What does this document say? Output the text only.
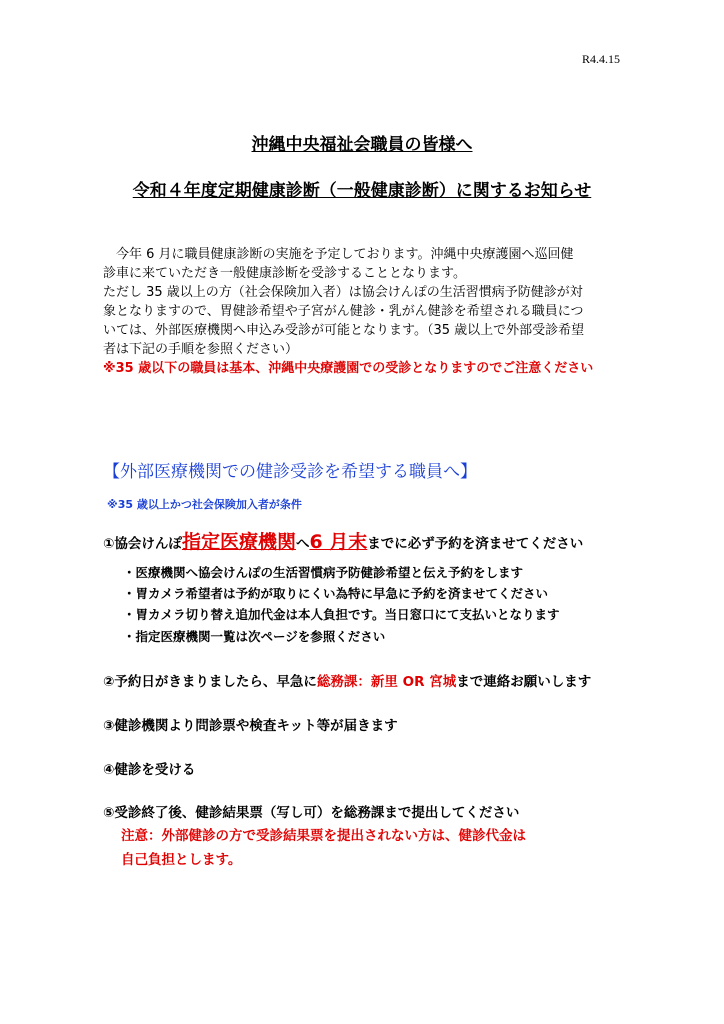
R4.4.15
沖縄中央福祉会職員の皆様へ
令和４年度定期健康診断（一般健康診断）に関するお知らせ
今年 6 月に職員健康診断の実施を予定しております。沖縄中央療護園へ巡回健
診車に来ていただき一般健康診断を受診することとなります。
ただし 35 歳以上の方（社会保険加入者）は協会けんぽの生活習慣病予防健診が対
象となりますので、胃健診希望や子宮がん健診・乳がん健診を希望される職員につ
いては、外部医療機関へ申込み受診が可能となります。（35 歳以上で外部受診希望
者は下記の手順を参照ください）
※35 歳以下の職員は基本、沖縄中央療護園での受診となりますのでご注意ください
【外部医療機関での健診受診を希望する職員へ】
※35 歳以上かつ社会保険加入者が条件
①協会けんぽ指定医療機関へ6 月末までに必ず予約を済ませてください
・医療機関へ協会けんぽの生活習慣病予防健診希望と伝え予約をします
・胃カメラ希望者は予約が取りにくい為特に早急に予約を済ませてください
・胃カメラ切り替え追加代金は本人負担です。当日窓口にて支払いとなります
・指定医療機関一覧は次ページを参照ください
②予約日がきまりましたら、早急に総務課：新里 OR 宮城まで連絡お願いします
③健診機関より問診票や検査キット等が届きます
④健診を受ける
⑤受診終了後、健診結果票（写し可）を総務課まで提出してください
注意：外部健診の方で受診結果票を提出されない方は、健診代金は
自己負担とします。
